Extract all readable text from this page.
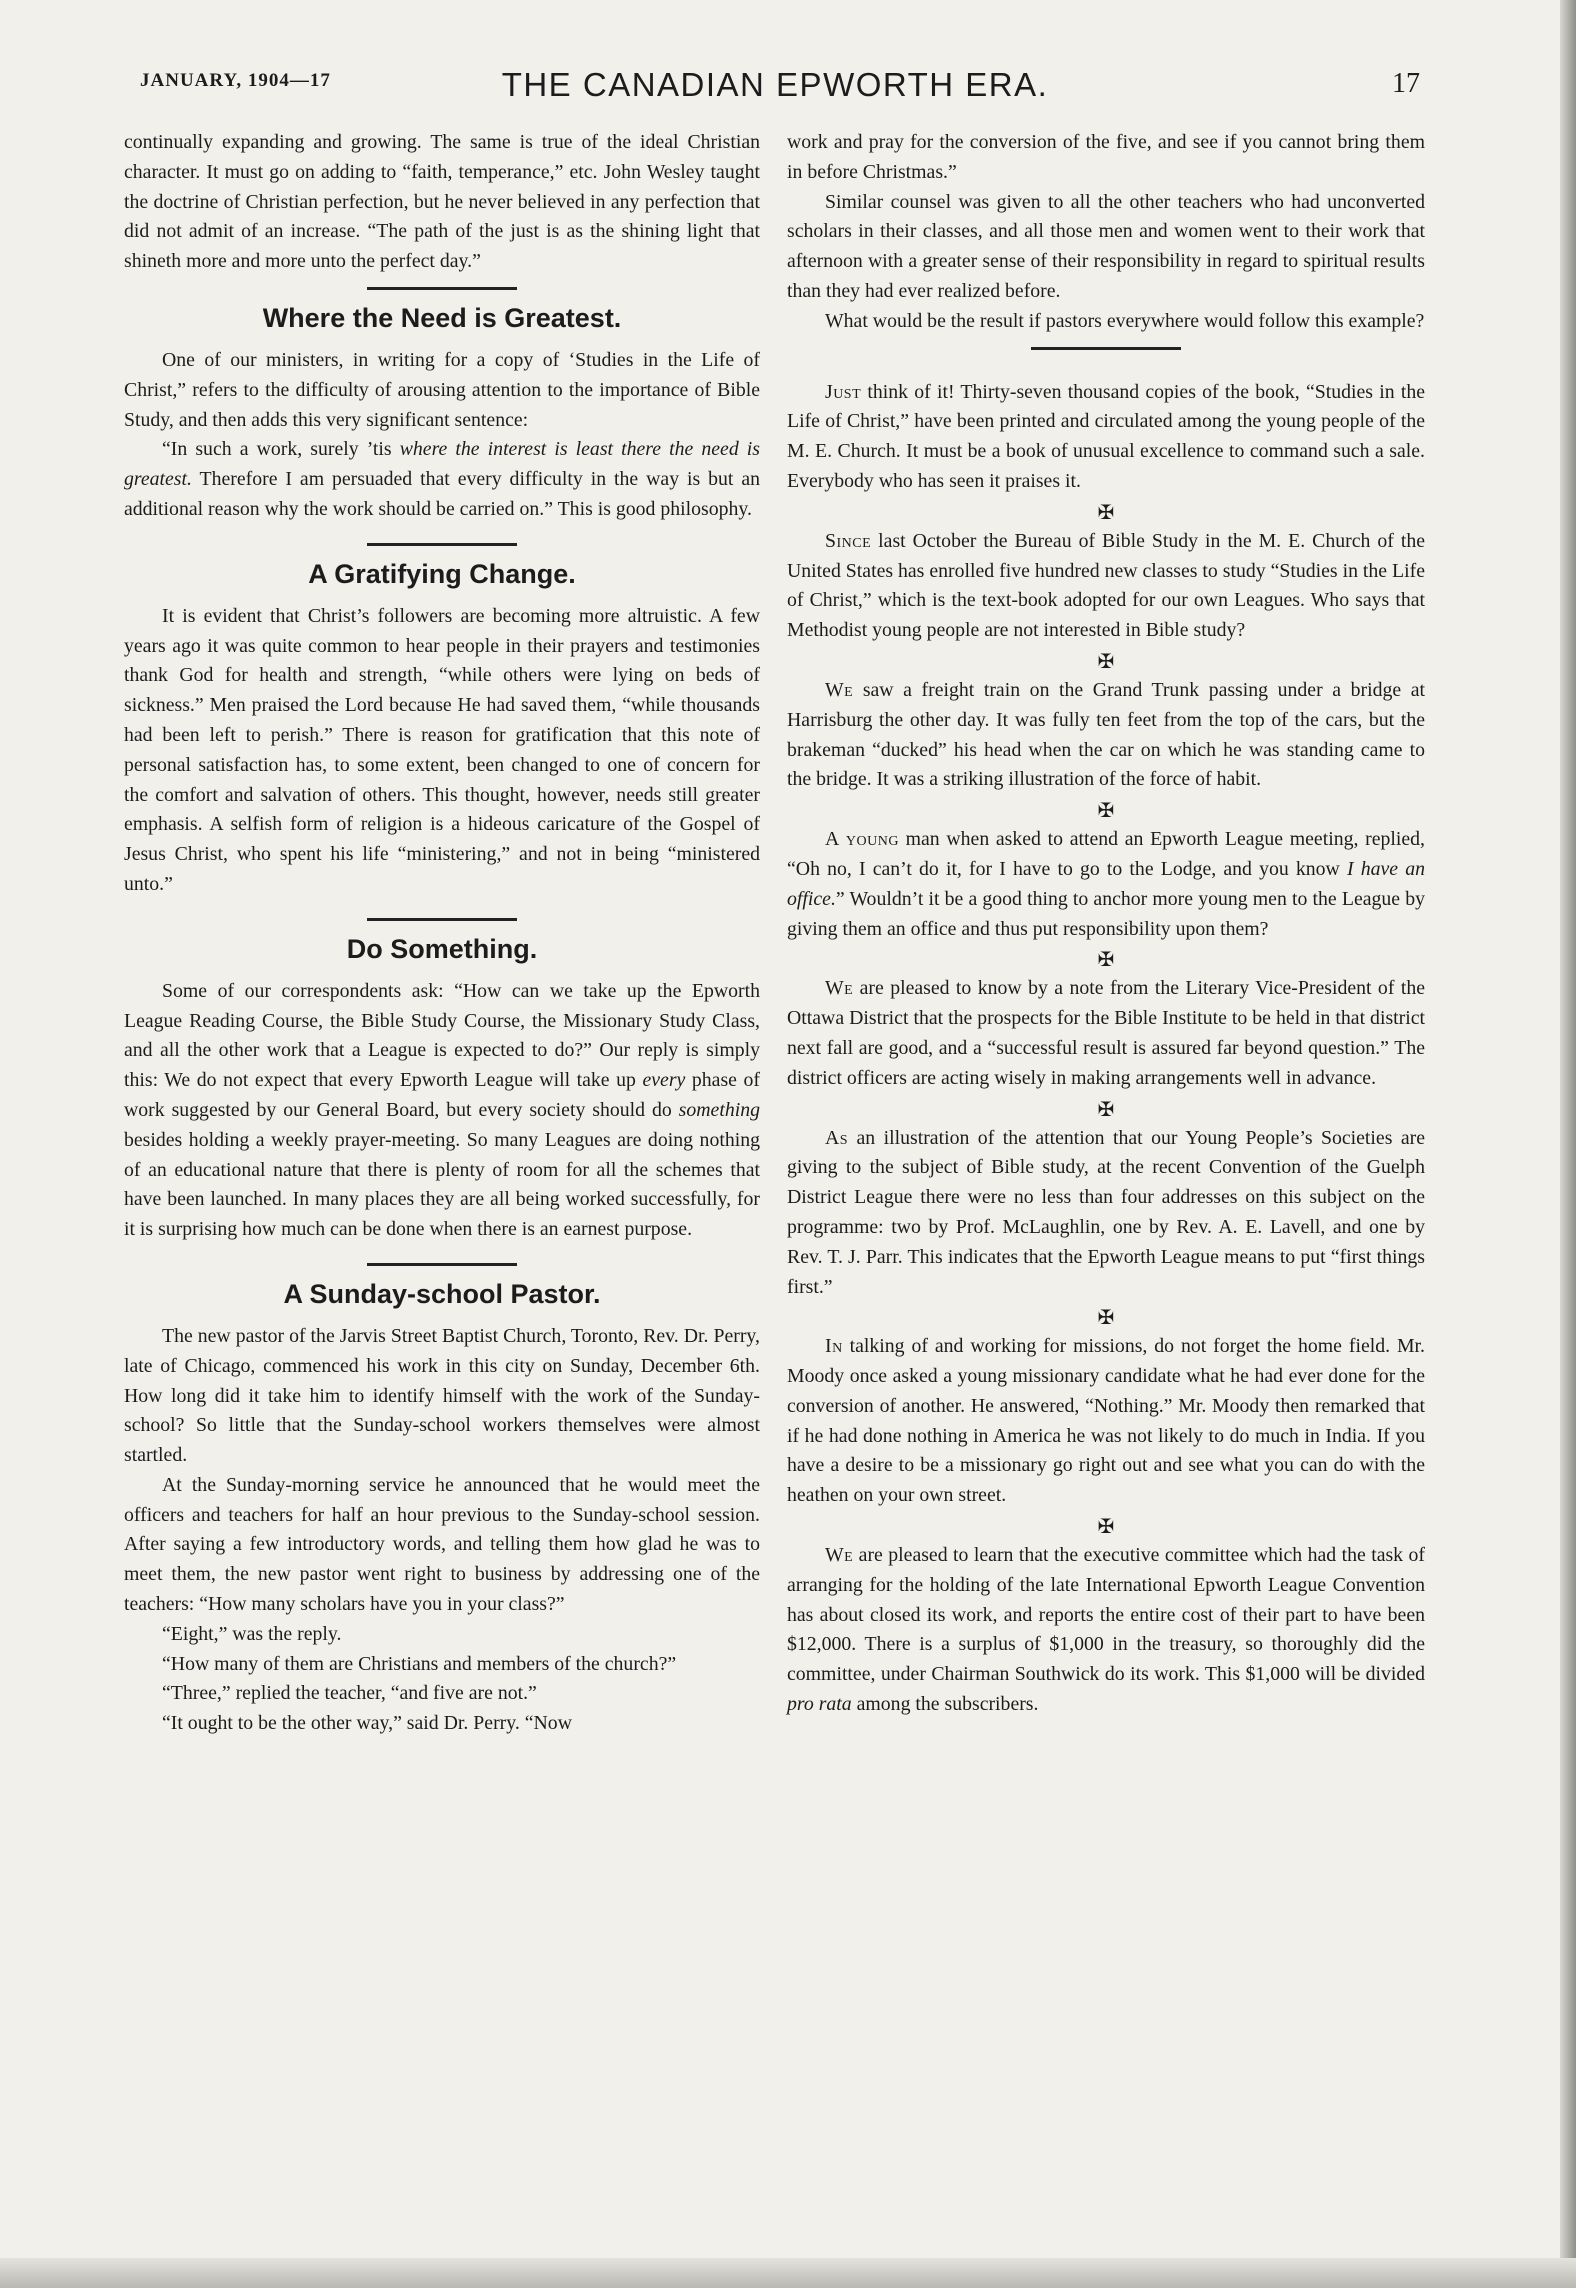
JANUARY, 1904—17	THE CANADIAN EPWORTH ERA.	17

continually expanding and growing. The same is true of the ideal Christian character. It must go on adding to “faith, temperance,” etc. John Wesley taught the doctrine of Christian perfection, but he never believed in any perfection that did not admit of an increase. “The path of the just is as the shining light that shineth more and more unto the perfect day.”

Where the Need is Greatest.

One of our ministers, in writing for a copy of ‘Studies in the Life of Christ,” refers to the difficulty of arousing attention to the importance of Bible Study, and then adds this very significant sentence:

“In such a work, surely ’tis where the interest is least there the need is greatest. Therefore I am persuaded that every difficulty in the way is but an additional reason why the work should be carried on.” This is good philosophy.

A Gratifying Change.

It is evident that Christ’s followers are becoming more altruistic. A few years ago it was quite common to hear people in their prayers and testimonies thank God for health and strength, “while others were lying on beds of sickness.” Men praised the Lord because He had saved them, “while thousands had been left to perish.” There is reason for gratification that this note of personal satisfaction has, to some extent, been changed to one of concern for the comfort and salvation of others. This thought, however, needs still greater emphasis. A selfish form of religion is a hideous caricature of the Gospel of Jesus Christ, who spent his life “ministering,” and not in being “ministered unto.”

Do Something.

Some of our correspondents ask: “How can we take up the Epworth League Reading Course, the Bible Study Course, the Missionary Study Class, and all the other work that a League is expected to do?” Our reply is simply this: We do not expect that every Epworth League will take up every phase of work suggested by our General Board, but every society should do something besides holding a weekly prayer-meeting. So many Leagues are doing nothing of an educational nature that there is plenty of room for all the schemes that have been launched. In many places they are all being worked successfully, for it is surprising how much can be done when there is an earnest purpose.

A Sunday-school Pastor.

The new pastor of the Jarvis Street Baptist Church, Toronto, Rev. Dr. Perry, late of Chicago, commenced his work in this city on Sunday, December 6th. How long did it take him to identify himself with the work of the Sunday-school? So little that the Sunday-school workers themselves were almost startled.

At the Sunday-morning service he announced that he would meet the officers and teachers for half an hour previous to the Sunday-school session. After saying a few introductory words, and telling them how glad he was to meet them, the new pastor went right to business by addressing one of the teachers: “How many scholars have you in your class?”

“Eight,” was the reply.

“How many of them are Christians and members of the church?”

“Three,” replied the teacher, “and five are not.”

“It ought to be the other way,” said Dr. Perry. “Now

work and pray for the conversion of the five, and see if you cannot bring them in before Christmas.”

Similar counsel was given to all the other teachers who had unconverted scholars in their classes, and all those men and women went to their work that afternoon with a greater sense of their responsibility in regard to spiritual results than they had ever realized before.

What would be the result if pastors everywhere would follow this example?

Just think of it! Thirty-seven thousand copies of the book, “Studies in the Life of Christ,” have been printed and circulated among the young people of the M. E. Church. It must be a book of unusual excellence to command such a sale. Everybody who has seen it praises it.

✠

Since last October the Bureau of Bible Study in the M. E. Church of the United States has enrolled five hundred new classes to study “Studies in the Life of Christ,” which is the text-book adopted for our own Leagues. Who says that Methodist young people are not interested in Bible study?

✠

We saw a freight train on the Grand Trunk passing under a bridge at Harrisburg the other day. It was fully ten feet from the top of the cars, but the brakeman “ducked” his head when the car on which he was standing came to the bridge. It was a striking illustration of the force of habit.

✠

A young man when asked to attend an Epworth League meeting, replied, “Oh no, I can’t do it, for I have to go to the Lodge, and you know I have an office.” Wouldn’t it be a good thing to anchor more young men to the League by giving them an office and thus put responsibility upon them?

✠

We are pleased to know by a note from the Literary Vice-President of the Ottawa District that the prospects for the Bible Institute to be held in that district next fall are good, and a “successful result is assured far beyond question.” The district officers are acting wisely in making arrangements well in advance.

✠

As an illustration of the attention that our Young People’s Societies are giving to the subject of Bible study, at the recent Convention of the Guelph District League there were no less than four addresses on this subject on the programme: two by Prof. McLaughlin, one by Rev. A. E. Lavell, and one by Rev. T. J. Parr. This indicates that the Epworth League means to put “first things first.”

✠

In talking of and working for missions, do not forget the home field. Mr. Moody once asked a young missionary candidate what he had ever done for the conversion of another. He answered, “Nothing.” Mr. Moody then remarked that if he had done nothing in America he was not likely to do much in India. If you have a desire to be a missionary go right out and see what you can do with the heathen on your own street.

✠

We are pleased to learn that the executive committee which had the task of arranging for the holding of the late International Epworth League Convention has about closed its work, and reports the entire cost of their part to have been $12,000. There is a surplus of $1,000 in the treasury, so thoroughly did the committee, under Chairman Southwick do its work. This $1,000 will be divided pro rata among the subscribers.
